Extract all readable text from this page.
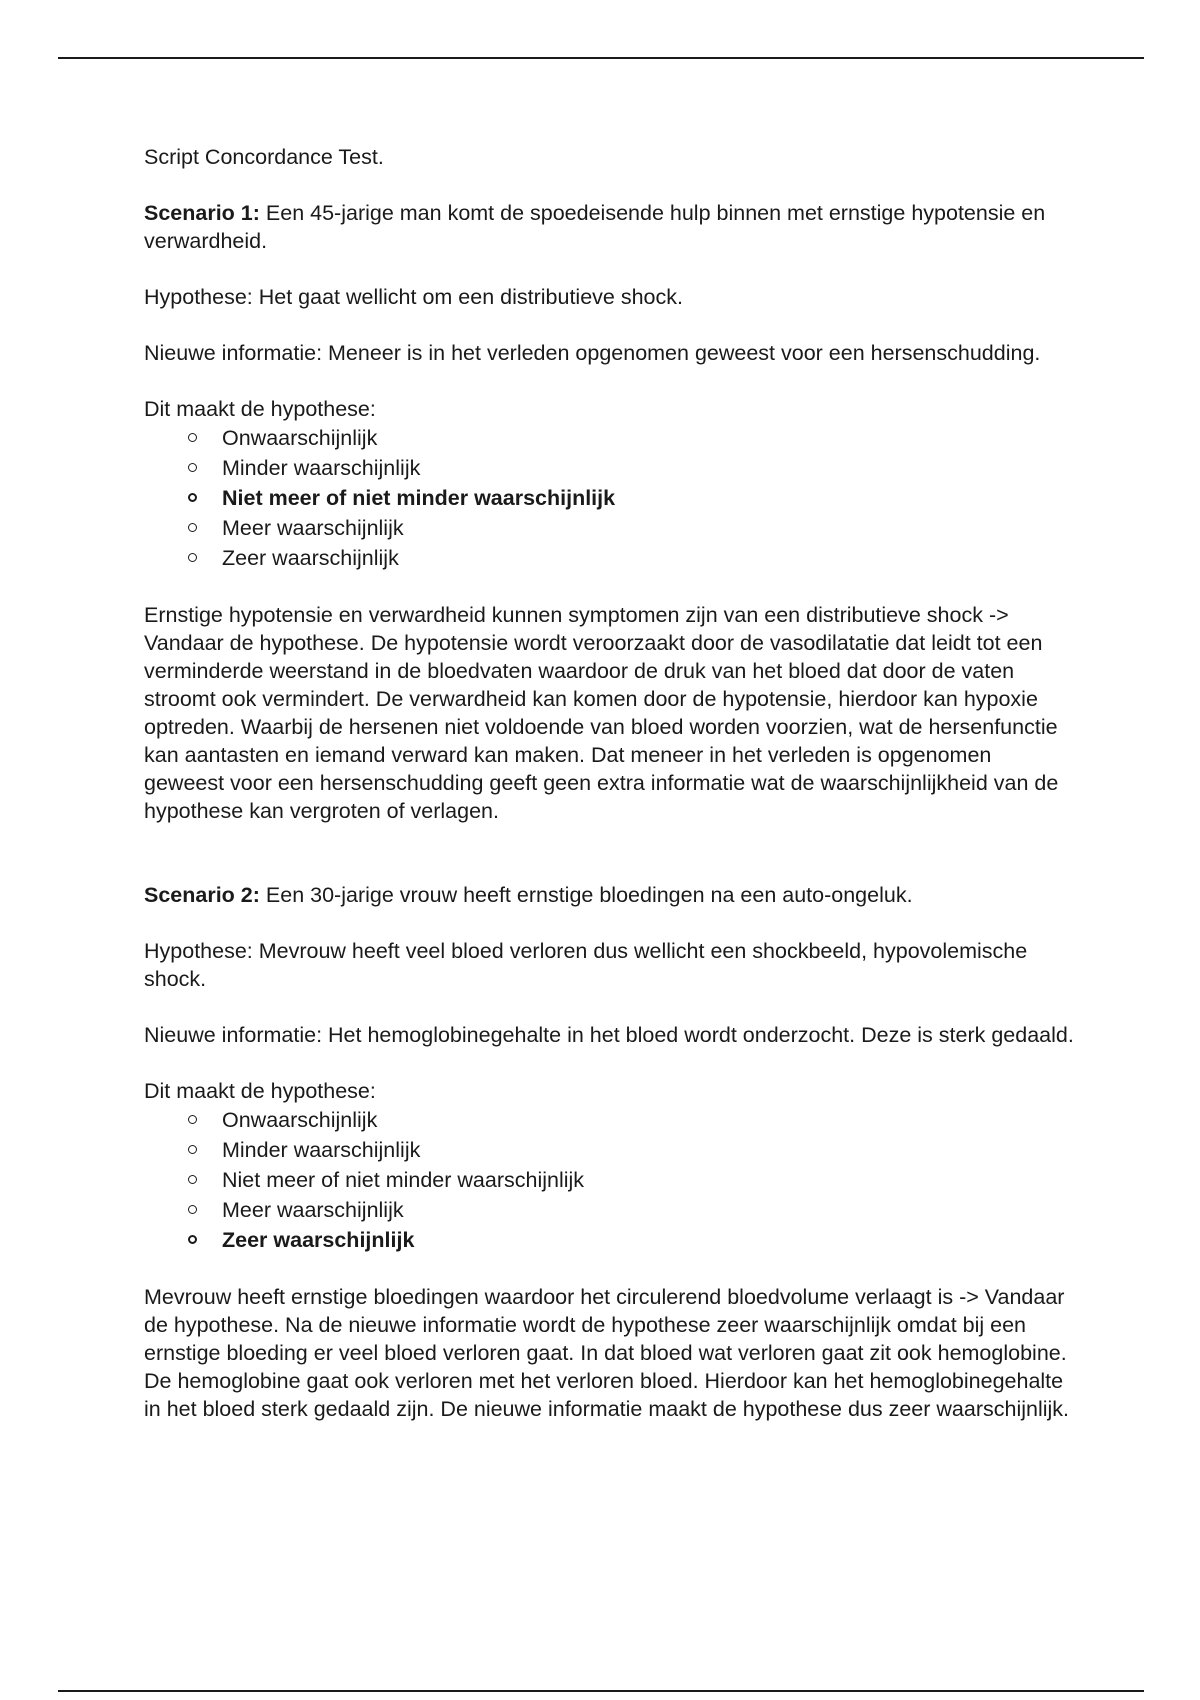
Script Concordance Test.

Scenario 1: Een 45-jarige man komt de spoedeisende hulp binnen met ernstige hypotensie en verwardheid.

Hypothese: Het gaat wellicht om een distributieve shock.

Nieuwe informatie: Meneer is in het verleden opgenomen geweest voor een hersenschudding.

Dit maakt de hypothese:

Onwaarschijnlijk
Minder waarschijnlijk
Niet meer of niet minder waarschijnlijk
Meer waarschijnlijk
Zeer waarschijnlijk

Ernstige hypotensie en verwardheid kunnen symptomen zijn van een distributieve shock -> Vandaar de hypothese. De hypotensie wordt veroorzaakt door de vasodilatatie dat leidt tot een verminderde weerstand in de bloedvaten waardoor de druk van het bloed dat door de vaten stroomt ook vermindert. De verwardheid kan komen door de hypotensie, hierdoor kan hypoxie optreden. Waarbij de hersenen niet voldoende van bloed worden voorzien, wat de hersenfunctie kan aantasten en iemand verward kan maken. Dat meneer in het verleden is opgenomen geweest voor een hersenschudding geeft geen extra informatie wat de waarschijnlijkheid van de hypothese kan vergroten of verlagen.

Scenario 2: Een 30-jarige vrouw heeft ernstige bloedingen na een auto-ongeluk.

Hypothese: Mevrouw heeft veel bloed verloren dus wellicht een shockbeeld, hypovolemische shock.

Nieuwe informatie: Het hemoglobinegehalte in het bloed wordt onderzocht. Deze is sterk gedaald.

Dit maakt de hypothese:

Onwaarschijnlijk
Minder waarschijnlijk
Niet meer of niet minder waarschijnlijk
Meer waarschijnlijk
Zeer waarschijnlijk

Mevrouw heeft ernstige bloedingen waardoor het circulerend bloedvolume verlaagt is -> Vandaar de hypothese. Na de nieuwe informatie wordt de hypothese zeer waarschijnlijk omdat bij een ernstige bloeding er veel bloed verloren gaat. In dat bloed wat verloren gaat zit ook hemoglobine. De hemoglobine gaat ook verloren met het verloren bloed. Hierdoor kan het hemoglobinegehalte in het bloed sterk gedaald zijn. De nieuwe informatie maakt de hypothese dus zeer waarschijnlijk.
